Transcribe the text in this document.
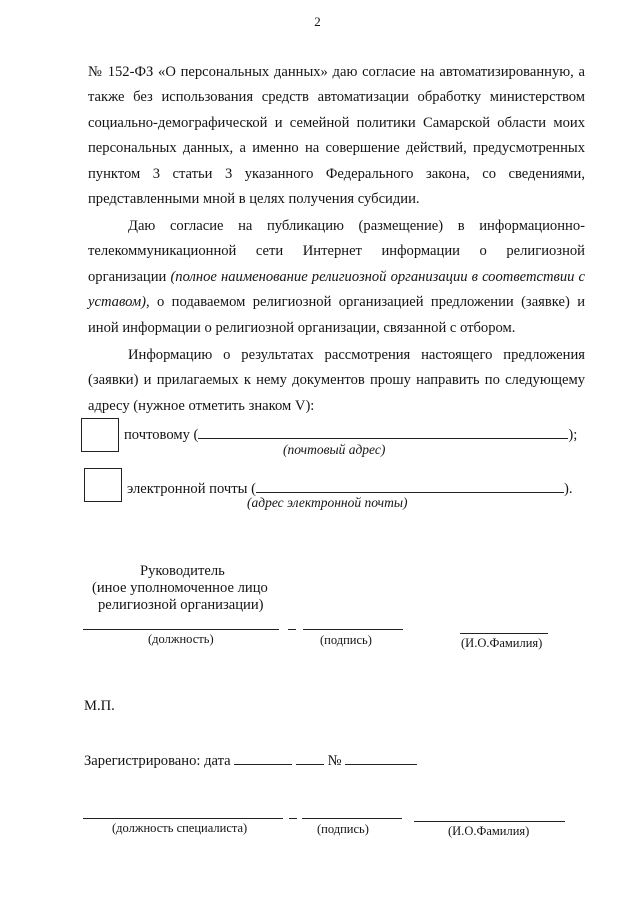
2
№ 152-ФЗ «О персональных данных» даю согласие на автоматизированную, а также без использования средств автоматизации обработку министерством социально-демографической и семейной политики Самарской области моих персональных данных, а именно на совершение действий, предусмотренных пунктом 3 статьи 3 указанного Федерального закона, со сведениями, представленными мной в целях получения субсидии.
Даю согласие на публикацию (размещение) в информационно-телекоммуникационной сети Интернет информации о религиозной организации (полное наименование религиозной организации в соответствии с уставом), о подаваемом религиозной организацией предложении (заявке) и иной информации о религиозной организации, связанной с отбором.
Информацию о результатах рассмотрения настоящего предложения (заявки) и прилагаемых к нему документов прошу направить по следующему адресу (нужное отметить знаком V):
почтовому (	);
(почтовый адрес)
электронной почты (	).
(адрес электронной почты)
Руководитель
(иное уполномоченное лицо
религиозной организации)
(должность)	(подпись)	(И.О.Фамилия)
М.П.
Зарегистрировано: дата	№
(должность специалиста)	(подпись)	(И.О.Фамилия)
